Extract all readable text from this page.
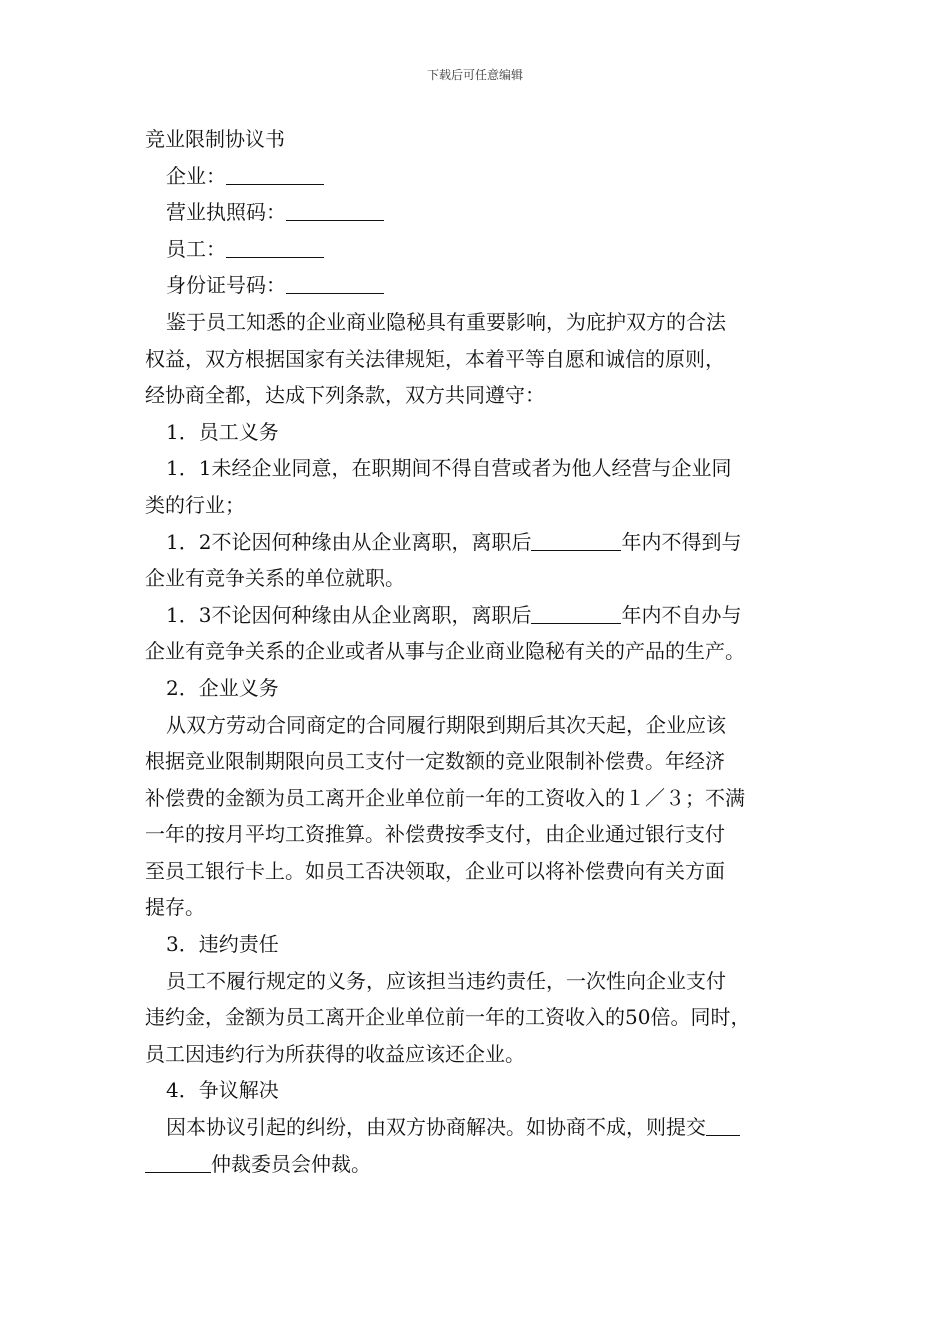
下载后可任意编辑
竞业限制协议书
企业：
营业执照码：
员工：
身份证号码：
鉴于员工知悉的企业商业隐秘具有重要影响，为庇护双方的合法
权益，双方根据国家有关法律规矩，本着平等自愿和诚信的原则，
经协商全都，达成下列条款，双方共同遵守：
1．员工义务
1．1未经企业同意，在职期间不得自营或者为他人经营与企业同
类的行业；
1．2不论因何种缘由从企业离职，离职后	年内不得到与
企业有竞争关系的单位就职。
1．3不论因何种缘由从企业离职，离职后	年内不自办与
企业有竞争关系的企业或者从事与企业商业隐秘有关的产品的生产。
2．企业义务
从双方劳动合同商定的合同履行期限到期后其次天起，企业应该
根据竞业限制期限向员工支付一定数额的竞业限制补偿费。年经济
补偿费的金额为员工离开企业单位前一年的工资收入的１／３；不满
一年的按月平均工资推算。补偿费按季支付，由企业通过银行支付
至员工银行卡上。如员工否决领取，企业可以将补偿费向有关方面
提存。
3．违约责任
员工不履行规定的义务，应该担当违约责任，一次性向企业支付
违约金，金额为员工离开企业单位前一年的工资收入的50倍。同时，
员工因违约行为所获得的收益应该还企业。
4．争议解决
因本协议引起的纠纷，由双方协商解决。如协商不成，则提交
仲裁委员会仲裁。
